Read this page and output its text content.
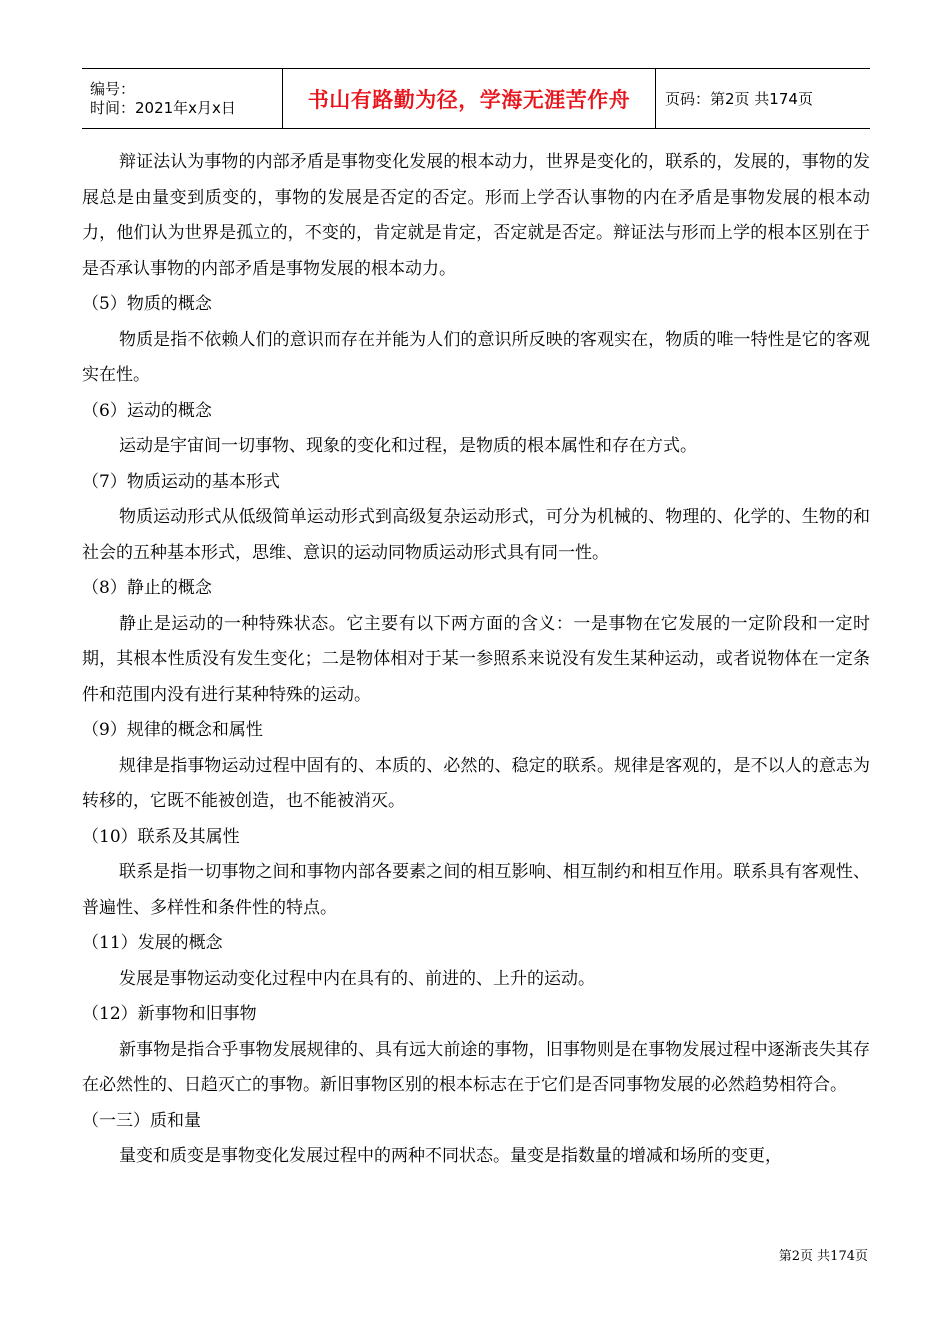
编号：
时间：2021年x月x日	书山有路勤为径，学海无涯苦作舟	页码：第2页 共174页

辩证法认为事物的内部矛盾是事物变化发展的根本动力，世界是变化的，联系的，发展的，事物的发展总是由量变到质变的，事物的发展是否定的否定。形而上学否认事物的内在矛盾是事物发展的根本动力，他们认为世界是孤立的，不变的，肯定就是肯定，否定就是否定。辩证法与形而上学的根本区别在于是否承认事物的内部矛盾是事物发展的根本动力。

（5）物质的概念

物质是指不依赖人们的意识而存在并能为人们的意识所反映的客观实在，物质的唯一特性是它的客观实在性。

（6）运动的概念

运动是宇宙间一切事物、现象的变化和过程，是物质的根本属性和存在方式。

（7）物质运动的基本形式

物质运动形式从低级简单运动形式到高级复杂运动形式，可分为机械的、物理的、化学的、生物的和社会的五种基本形式，思维、意识的运动同物质运动形式具有同一性。

（8）静止的概念

静止是运动的一种特殊状态。它主要有以下两方面的含义：一是事物在它发展的一定阶段和一定时期，其根本性质没有发生变化；二是物体相对于某一参照系来说没有发生某种运动，或者说物体在一定条件和范围内没有进行某种特殊的运动。

（9）规律的概念和属性

规律是指事物运动过程中固有的、本质的、必然的、稳定的联系。规律是客观的，是不以人的意志为转移的，它既不能被创造，也不能被消灭。

（10）联系及其属性

联系是指一切事物之间和事物内部各要素之间的相互影响、相互制约和相互作用。联系具有客观性、普遍性、多样性和条件性的特点。

（11）发展的概念

发展是事物运动变化过程中内在具有的、前进的、上升的运动。

（12）新事物和旧事物

新事物是指合乎事物发展规律的、具有远大前途的事物，旧事物则是在事物发展过程中逐渐丧失其存在必然性的、日趋灭亡的事物。新旧事物区别的根本标志在于它们是否同事物发展的必然趋势相符合。

（一三）质和量

量变和质变是事物变化发展过程中的两种不同状态。量变是指数量的增减和场所的变更，

第2页 共174页
